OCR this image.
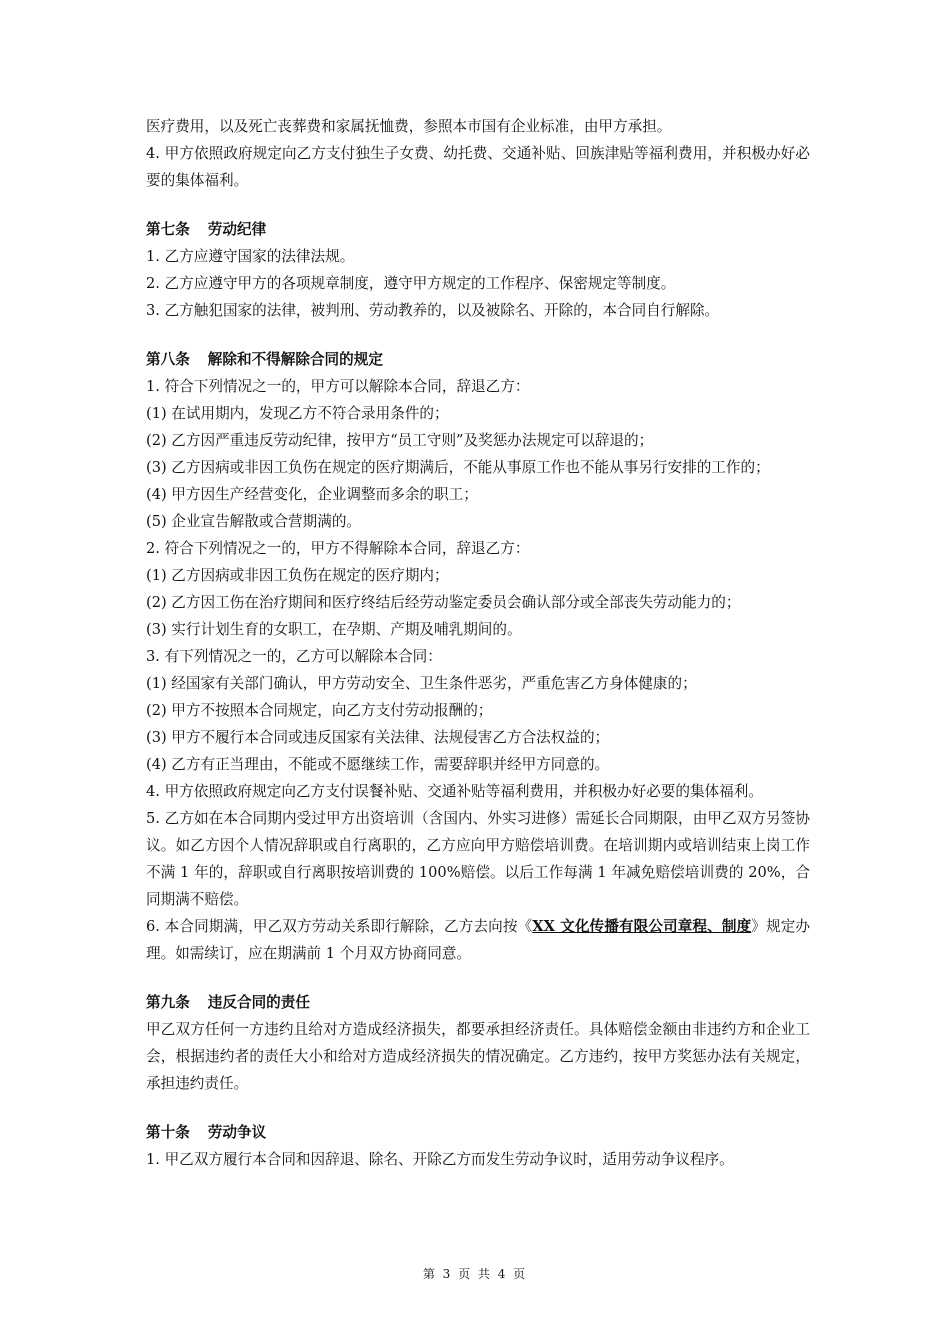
医疗费用，以及死亡丧葬费和家属抚恤费，参照本市国有企业标准，由甲方承担。
4. 甲方依照政府规定向乙方支付独生子女费、幼托费、交通补贴、回族津贴等福利费用，并积极办好必要的集体福利。
第七条 劳动纪律
1. 乙方应遵守国家的法律法规。
2. 乙方应遵守甲方的各项规章制度，遵守甲方规定的工作程序、保密规定等制度。
3. 乙方触犯国家的法律，被判刑、劳动教养的，以及被除名、开除的，本合同自行解除。
第八条 解除和不得解除合同的规定
1. 符合下列情况之一的，甲方可以解除本合同，辞退乙方：
(1) 在试用期内，发现乙方不符合录用条件的；
(2) 乙方因严重违反劳动纪律，按甲方“员工守则”及奖惩办法规定可以辞退的；
(3) 乙方因病或非因工负伤在规定的医疗期满后，不能从事原工作也不能从事另行安排的工作的；
(4) 甲方因生产经营变化，企业调整而多余的职工；
(5) 企业宣告解散或合营期满的。
2. 符合下列情况之一的，甲方不得解除本合同，辞退乙方：
(1) 乙方因病或非因工负伤在规定的医疗期内；
(2) 乙方因工伤在治疗期间和医疗终结后经劳动鉴定委员会确认部分或全部丧失劳动能力的；
(3) 实行计划生育的女职工，在孕期、产期及哺乳期间的。
3. 有下列情况之一的，乙方可以解除本合同：
(1) 经国家有关部门确认，甲方劳动安全、卫生条件恶劣，严重危害乙方身体健康的；
(2) 甲方不按照本合同规定，向乙方支付劳动报酬的；
(3) 甲方不履行本合同或违反国家有关法律、法规侵害乙方合法权益的；
(4) 乙方有正当理由，不能或不愿继续工作，需要辞职并经甲方同意的。
4. 甲方依照政府规定向乙方支付误餐补贴、交通补贴等福利费用，并积极办好必要的集体福利。
5. 乙方如在本合同期内受过甲方出资培训（含国内、外实习进修）需延长合同期限，由甲乙双方另签协议。如乙方因个人情况辞职或自行离职的，乙方应向甲方赔偿培训费。在培训期内或培训结束上岗工作不满 1 年的，辞职或自行离职按培训费的 100%赔偿。以后工作每满 1 年减免赔偿培训费的 20%，合同期满不赔偿。
6. 本合同期满，甲乙双方劳动关系即行解除，乙方去向按《XX 文化传播有限公司章程、制度》规定办理。如需续订，应在期满前 1 个月双方协商同意。
第九条 违反合同的责任
甲乙双方任何一方违约且给对方造成经济损失，都要承担经济责任。具体赔偿金额由非违约方和企业工会，根据违约者的责任大小和给对方造成经济损失的情况确定。乙方违约，按甲方奖惩办法有关规定，承担违约责任。
第十条 劳动争议
1. 甲乙双方履行本合同和因辞退、除名、开除乙方而发生劳动争议时，适用劳动争议程序。
第 3 页 共 4 页
